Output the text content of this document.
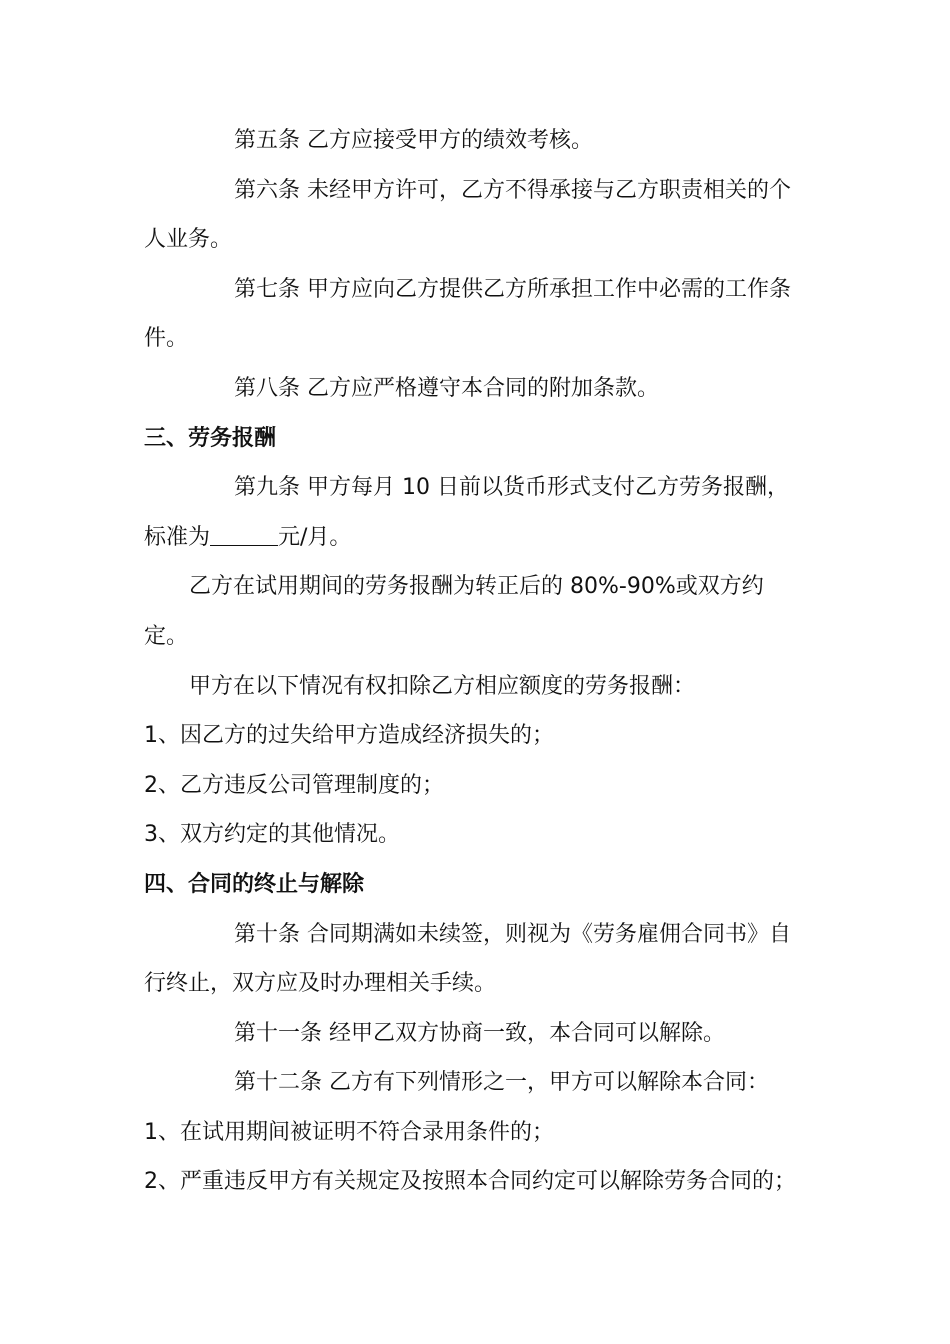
第五条 乙方应接受甲方的绩效考核。
第六条 未经甲方许可，乙方不得承接与乙方职责相关的个
人业务。
第七条 甲方应向乙方提供乙方所承担工作中必需的工作条
件。
第八条 乙方应严格遵守本合同的附加条款。
三、劳务报酬
第九条 甲方每月 10 日前以货币形式支付乙方劳务报酬，
标准为	元/月。
乙方在试用期间的劳务报酬为转正后的 80%-90%或双方约
定。
甲方在以下情况有权扣除乙方相应额度的劳务报酬：
1、因乙方的过失给甲方造成经济损失的；
2、乙方违反公司管理制度的；
3、双方约定的其他情况。
四、合同的终止与解除
第十条 合同期满如未续签，则视为《劳务雇佣合同书》自
行终止，双方应及时办理相关手续。
第十一条 经甲乙双方协商一致，本合同可以解除。
第十二条 乙方有下列情形之一，甲方可以解除本合同：
1、在试用期间被证明不符合录用条件的；
2、严重违反甲方有关规定及按照本合同约定可以解除劳务合同的；
